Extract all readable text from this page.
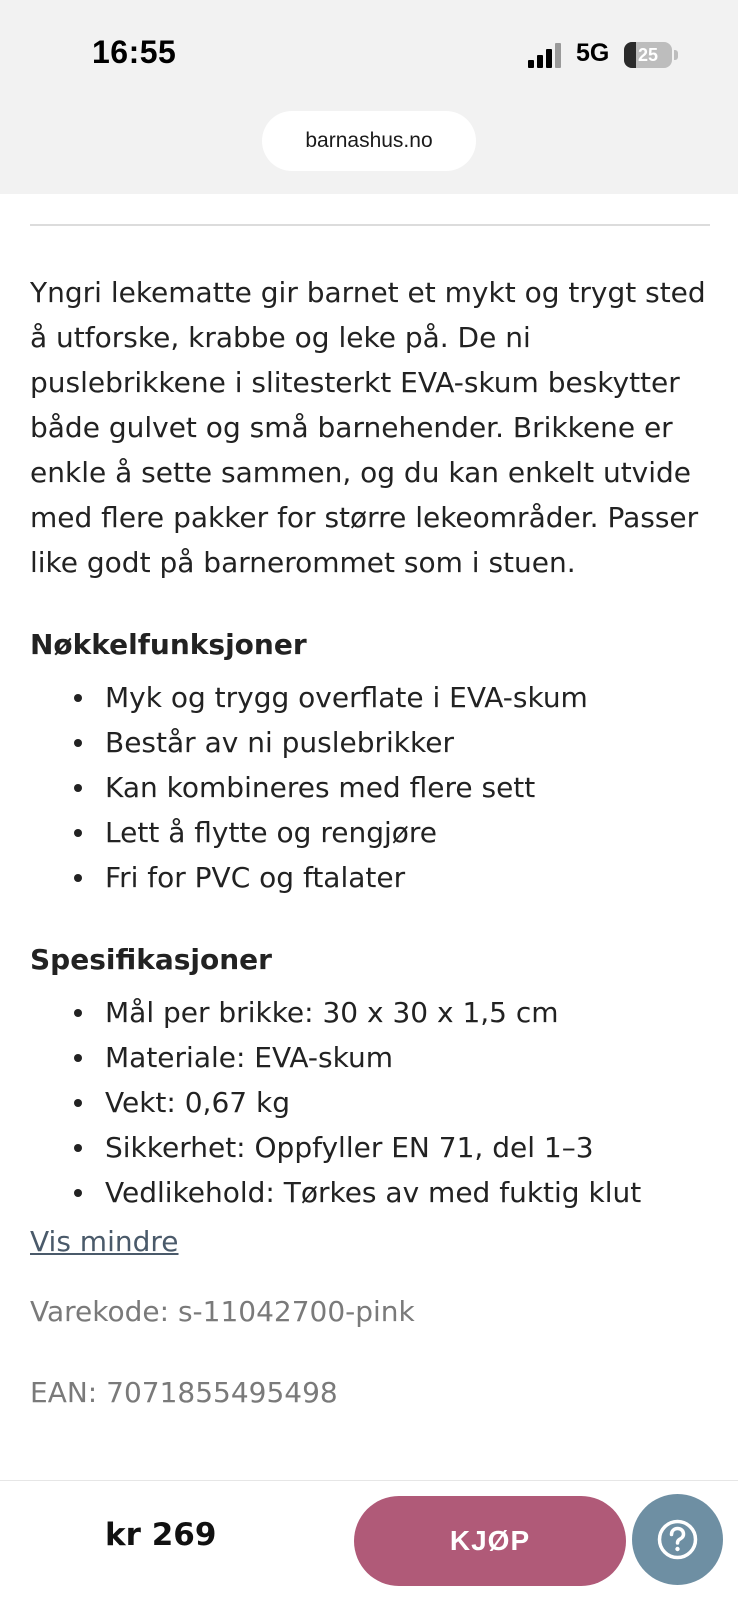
16:55	5G	25
barnashus.no

Yngri lekematte gir barnet et mykt og trygt sted å utforske, krabbe og leke på. De ni puslebrikkene i slitesterkt EVA-skum beskytter både gulvet og små barnehender. Brikkene er enkle å sette sammen, og du kan enkelt utvide med flere pakker for større lekeområder. Passer like godt på barnerommet som i stuen.

Nøkkelfunksjoner
Myk og trygg overflate i EVA-skum
Består av ni puslebrikker
Kan kombineres med flere sett
Lett å flytte og rengjøre
Fri for PVC og ftalater
Spesifikasjoner
Mål per brikke: 30 x 30 x 1,5 cm
Materiale: EVA-skum
Vekt: 0,67 kg
Sikkerhet: Oppfyller EN 71, del 1–3
Vedlikehold: Tørkes av med fuktig klut
Vis mindre
Varekode: s-11042700-pink
EAN: 7071855495498
kr 269	KJØP
